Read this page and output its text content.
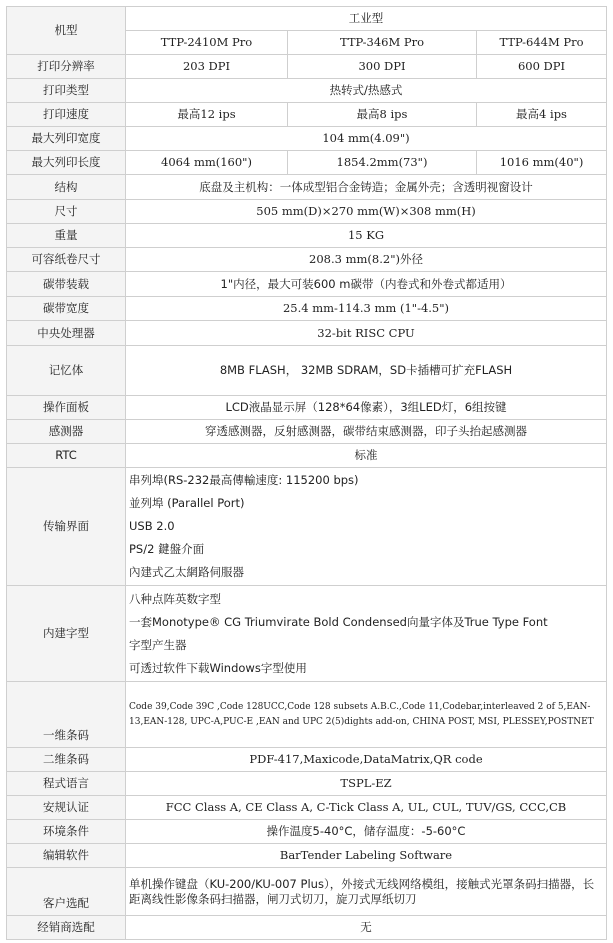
机型	工业型		
	TTP-2410M Pro	TTP-346M Pro	TTP-644M Pro
打印分辨率	203 DPI	300 DPI	600 DPI
打印类型	热转式/热感式		
打印速度	最高12 ips	最高8 ips	最高4 ips
最大列印宽度	104 mm(4.09")		
最大列印长度	4064 mm(160")	1854.2mm(73")	1016 mm(40")
结构	底盘及主机构：一体成型铝合金铸造；金属外壳；含透明视窗设计		
尺寸	505 mm(D)×270 mm(W)×308 mm(H)		
重量	15 KG		
可容纸卷尺寸	208.3 mm(8.2")外径		
碳带装载	1"内径，最大可装600 m碳带（内卷式和外卷式都适用）		
碳带宽度	25.4 mm-114.3 mm (1"-4.5")		
中央处理器	32-bit RISC CPU		
记忆体	8MB FLASH， 32MB SDRAM，SD卡插槽可扩充FLASH		
操作面板	LCD液晶显示屏（128*64像素），3组LED灯，6组按键		
感测器	穿透感测器，反射感测器，碳带结束感测器，印子头抬起感测器		
RTC	标准		
传输界面	串列埠(RS-232最高傳輸速度: 115200 bps)
並列埠 (Parallel Port)
USB 2.0
PS/2 鍵盤介面
內建式乙太網路伺服器		

内建字型	八种点阵英数字型
一套Monotype® CG Triumvirate Bold Condensed向量字体及True Type Font
字型产生器
可透过软件下载Windows字型使用		

一维条码	Code 39,Code 39C ,Code 128UCC,Code 128 subsets A.B.C.,Code 11,Codebar,interleaved 2 of 5,EAN-13,EAN-128, UPC-A,PUC-E ,EAN and UPC 2(5)dights add-on, CHINA POST, MSI, PLESSEY,POSTNET		
二维条码	PDF-417,Maxicode,DataMatrix,QR code		
程式语言	TSPL-EZ		
安规认证	FCC Class A, CE Class A, C-Tick Class A, UL, CUL, TUV/GS, CCC,CB		
环境条件	操作温度5-40°C，储存温度：-5-60°C		
编辑软件	BarTender Labeling Software		
客户选配	单机操作键盘（KU-200/KU-007 Plus），外接式无线网络模组，接触式光罩条码扫描器，长距离线性影像条码扫描器，闸刀式切刀，旋刀式厚纸切刀		
经销商选配	无		
